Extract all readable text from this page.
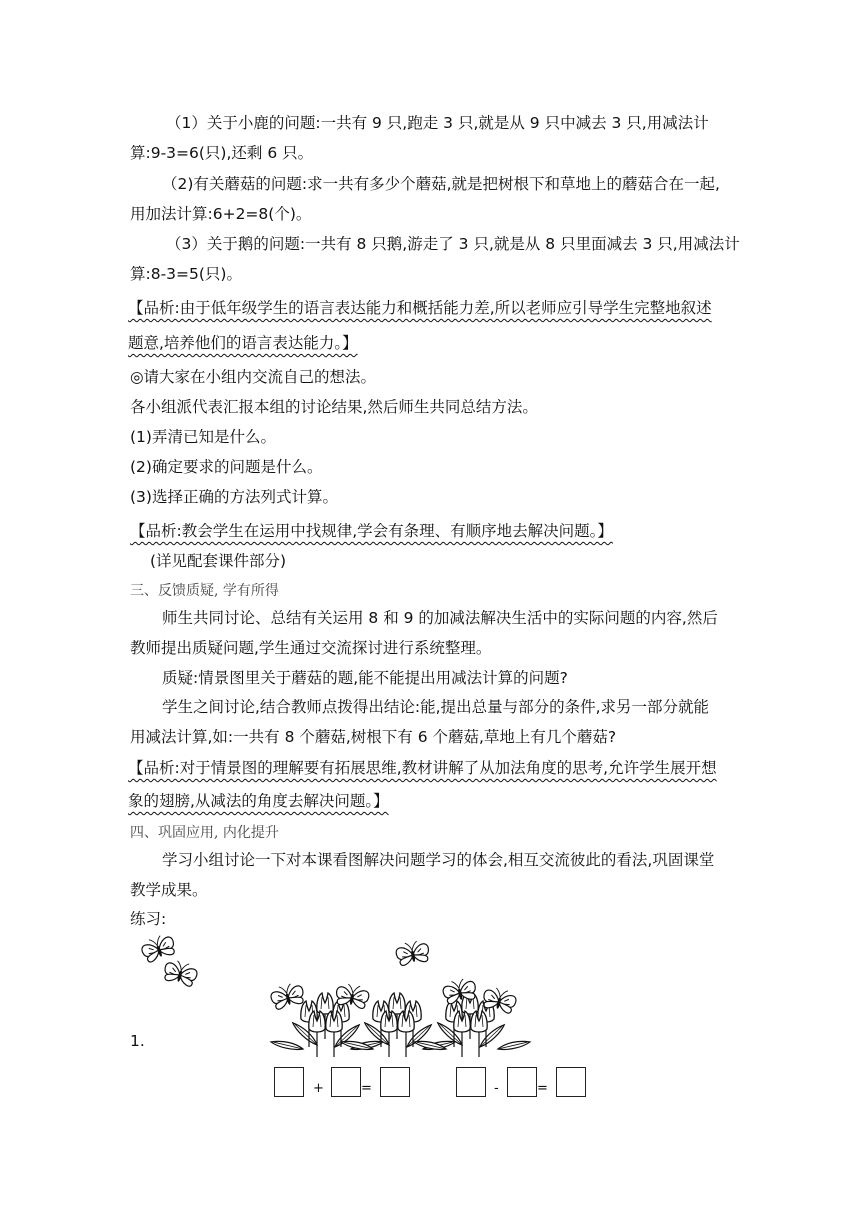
（1）关于小鹿的问题:一共有 9 只,跑走 3 只,就是从 9 只中减去 3 只,用减法计
算:9-3=6(只),还剩 6 只。
（2)有关蘑菇的问题:求一共有多少个蘑菇,就是把树根下和草地上的蘑菇合在一起,
用加法计算:6+2=8(个)。
（3）关于鹅的问题:一共有 8 只鹅,游走了 3 只,就是从 8 只里面减去 3 只,用减法计
算:8-3=5(只)。
【品析:由于低年级学生的语言表达能力和概括能力差,所以老师应引导学生完整地叙述
题意,培养他们的语言表达能力。】
◎请大家在小组内交流自己的想法。
各小组派代表汇报本组的讨论结果,然后师生共同总结方法。
(1)弄清已知是什么。
(2)确定要求的问题是什么。
(3)选择正确的方法列式计算。
【品析:教会学生在运用中找规律,学会有条理、有顺序地去解决问题。】
(详见配套课件部分)
三、反馈质疑, 学有所得
师生共同讨论、总结有关运用 8 和 9 的加减法解决生活中的实际问题的内容,然后
教师提出质疑问题,学生通过交流探讨进行系统整理。
质疑:情景图里关于蘑菇的题,能不能提出用减法计算的问题?
学生之间讨论,结合教师点拨得出结论:能,提出总量与部分的条件,求另一部分就能
用减法计算,如:一共有 8 个蘑菇,树根下有 6 个蘑菇,草地上有几个蘑菇?
【品析:对于情景图的理解要有拓展思维,教材讲解了从加法角度的思考,允许学生展开想
象的翅膀,从减法的角度去解决问题。】
四、巩固应用, 内化提升
学习小组讨论一下对本课看图解决问题学习的体会,相互交流彼此的看法,巩固课堂
教学成果。
练习:
1.
+	=	-	=
